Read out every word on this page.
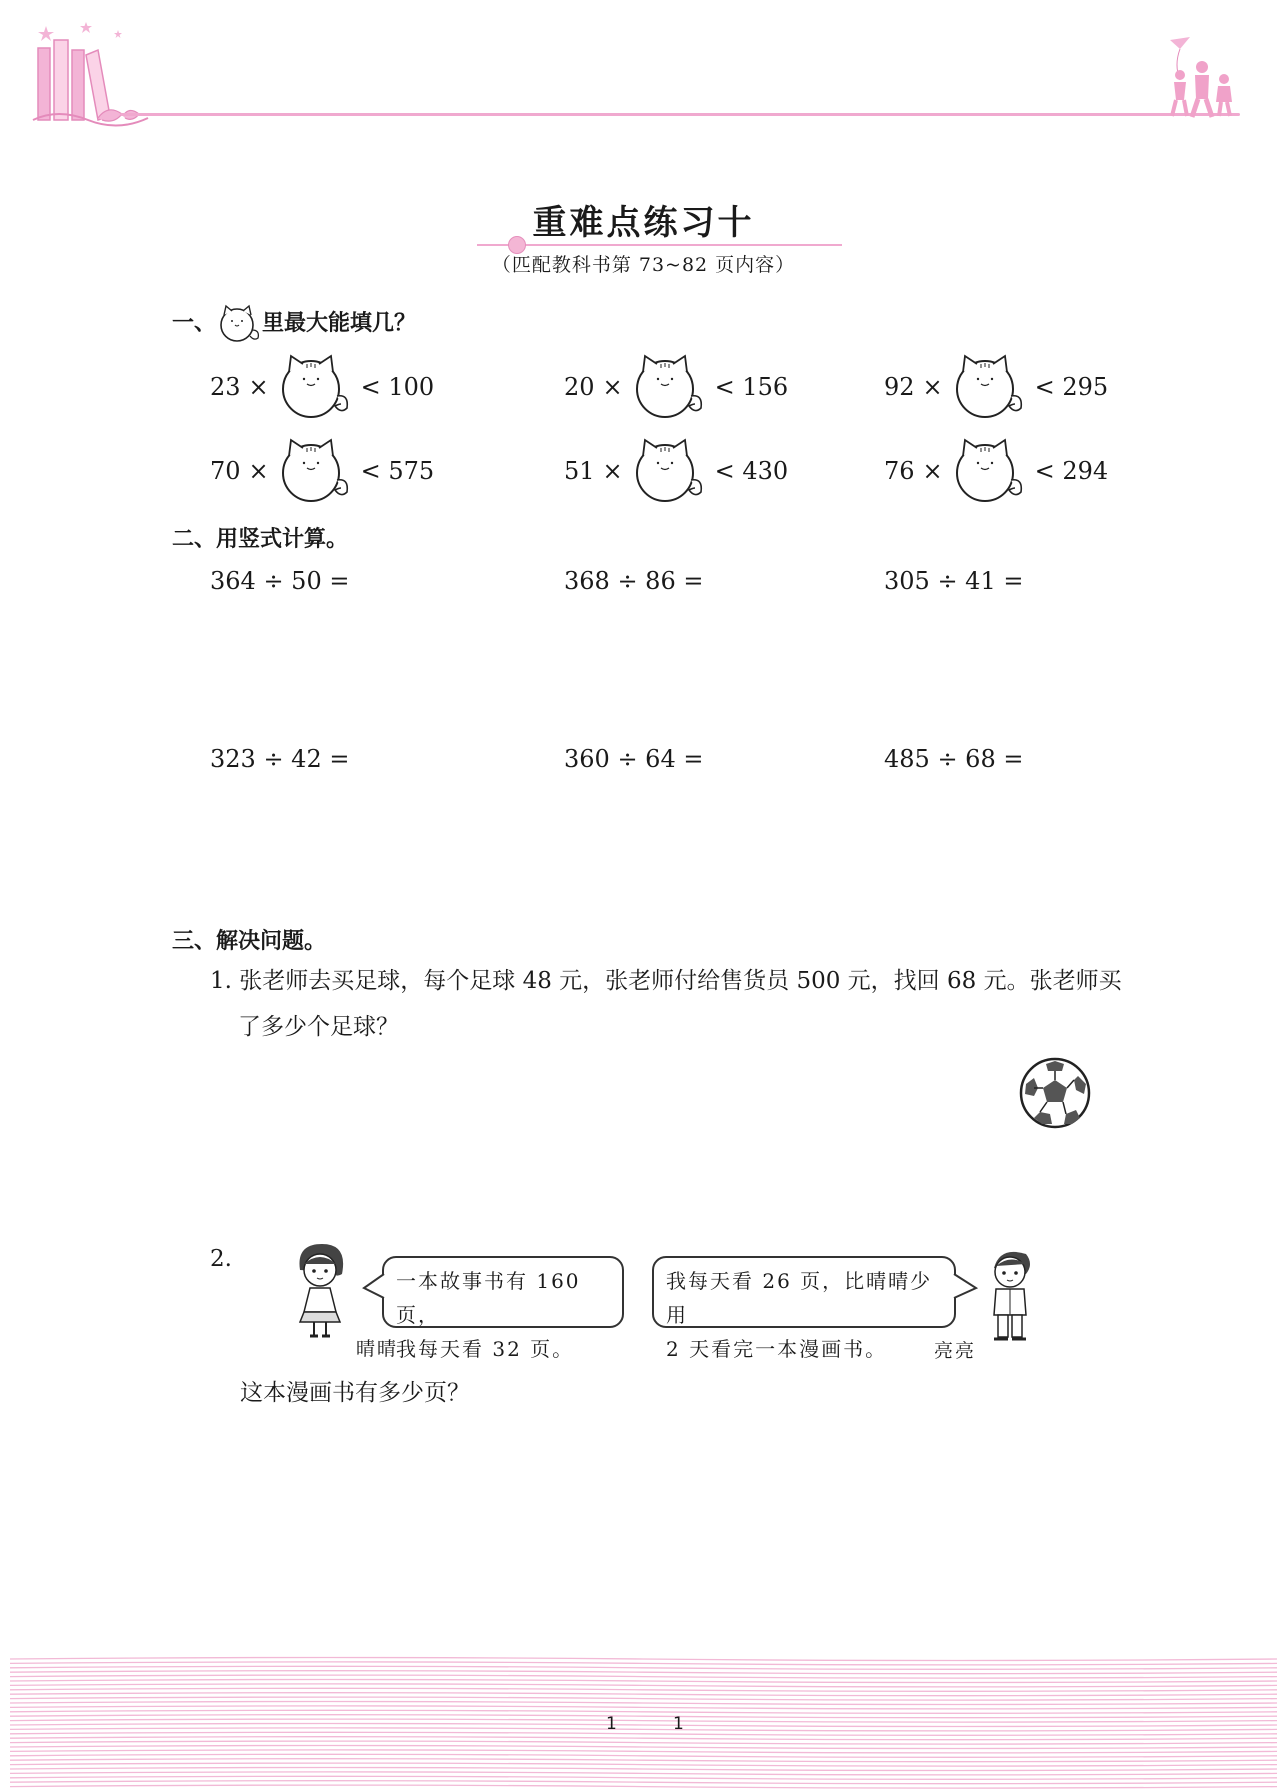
重难点练习十
（匹配教科书第 73~82 页内容）
一、 里最大能填几？
23 ×	< 100	20 ×	< 156	92 ×	< 295
70 ×	< 575	51 ×	< 430	76 ×	< 294
二、用竖式计算。
364 ÷ 50 =	368 ÷ 86 =	305 ÷ 41 =
323 ÷ 42 =	360 ÷ 64 =	485 ÷ 68 =
三、解决问题。
1. 张老师去买足球，每个足球 48 元，张老师付给售货员 500 元，找回 68 元。张老师买
了多少个足球？
2.
一本故事书有 160 页，
我每天看 32 页。
晴晴
我每天看 26 页，比晴晴少用
2 天看完一本漫画书。	亮亮
这本漫画书有多少页？
1	1
